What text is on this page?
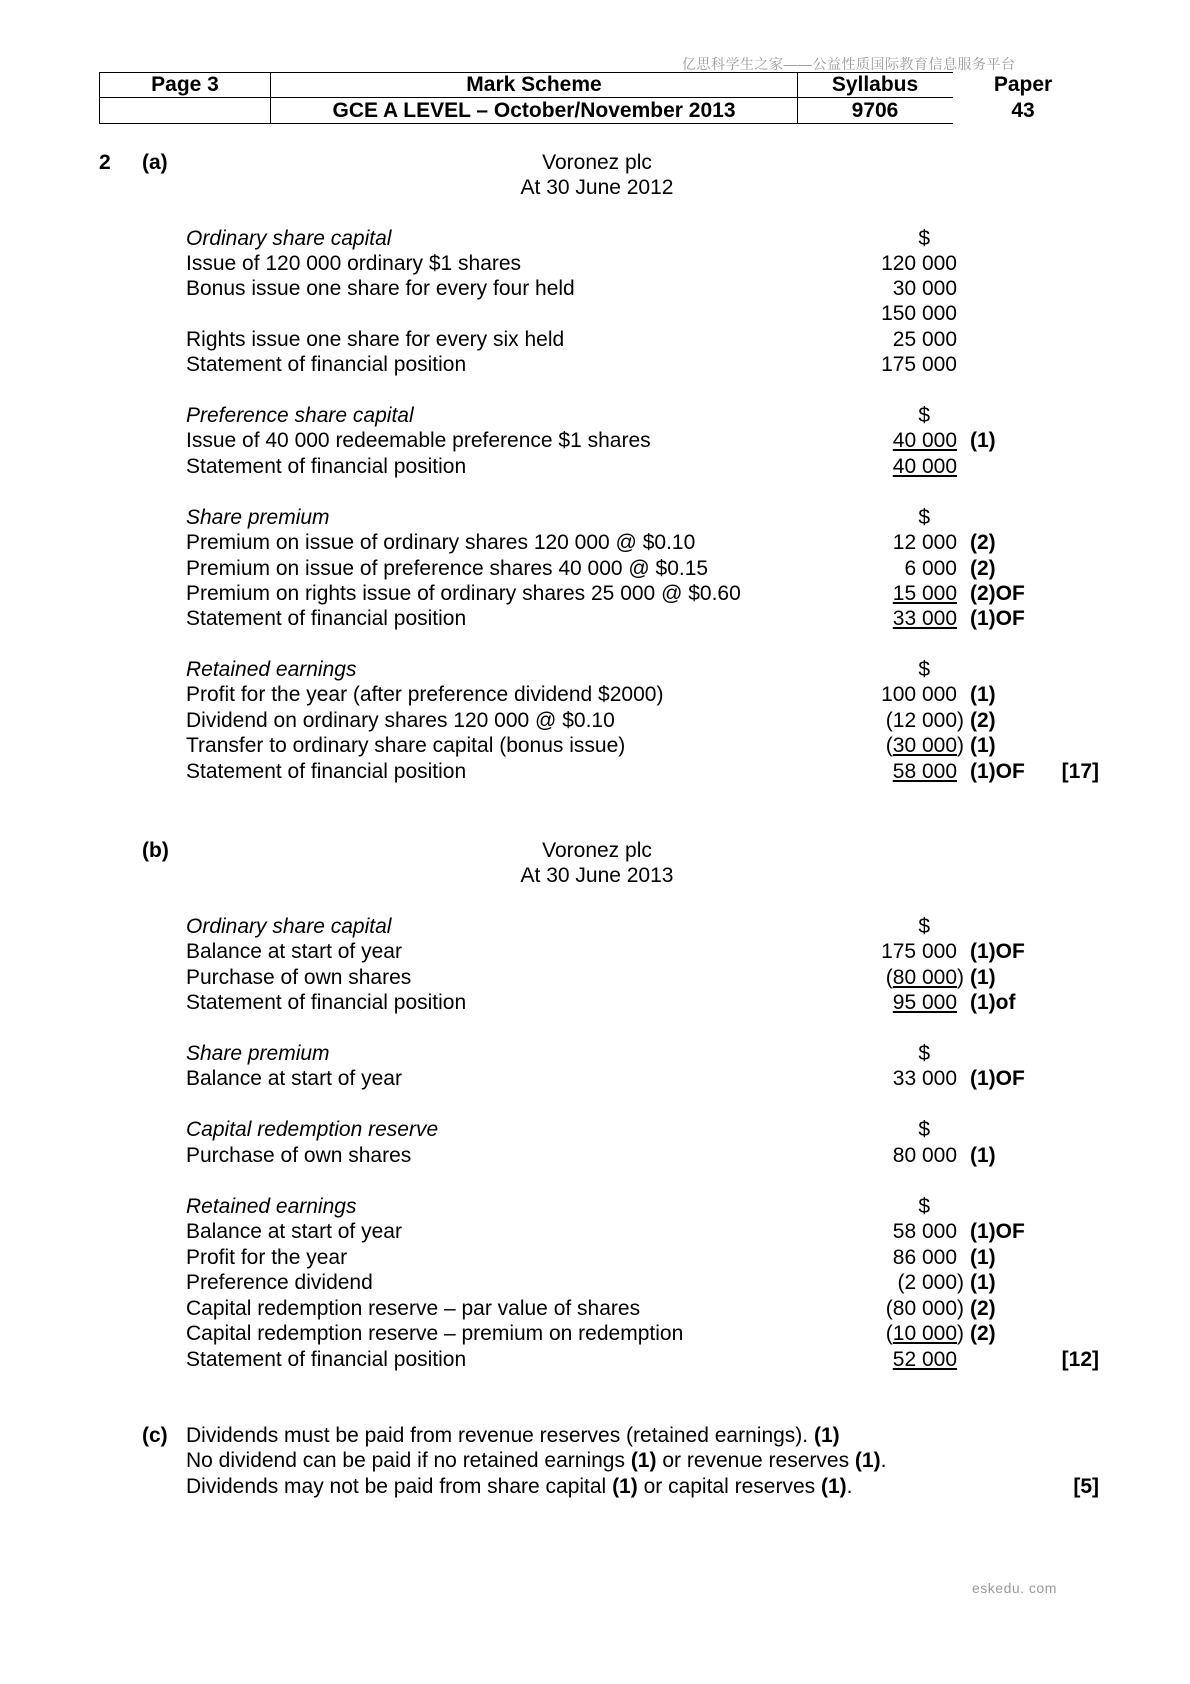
亿思科学生之家——公益性质国际教育信息服务平台
Page 3	Mark Scheme	Syllabus	Paper
GCE A LEVEL – October/November 2013	9706	43
2 (a)	Voronez plc
At 30 June 2012
Ordinary share capital	$
Issue of 120 000 ordinary $1 shares	120 000
Bonus issue one share for every four held	30 000
150 000
Rights issue one share for every six held	25 000
Statement of financial position	175 000
Preference share capital	$
Issue of 40 000 redeemable preference $1 shares	40 000 (1)
Statement of financial position	40 000
Share premium	$
Premium on issue of ordinary shares 120 000 @ $0.10	12 000 (2)
Premium on issue of preference shares 40 000 @ $0.15	6 000 (2)
Premium on rights issue of ordinary shares 25 000 @ $0.60	15 000 (2)OF
Statement of financial position	33 000 (1)OF
Retained earnings	$
Profit for the year (after preference dividend $2000)	100 000 (1)
Dividend on ordinary shares 120 000 @ $0.10	(12 000) (2)
Transfer to ordinary share capital (bonus issue)	(30 000) (1)
Statement of financial position	58 000 (1)OF	[17]
(b)	Voronez plc
At 30 June 2013
Ordinary share capital	$
Balance at start of year	175 000 (1)OF
Purchase of own shares	(80 000) (1)
Statement of financial position	95 000 (1)of
Share premium	$
Balance at start of year	33 000 (1)OF
Capital redemption reserve	$
Purchase of own shares	80 000 (1)
Retained earnings	$
Balance at start of year	58 000 (1)OF
Profit for the year	86 000 (1)
Preference dividend	(2 000) (1)
Capital redemption reserve – par value of shares	(80 000) (2)
Capital redemption reserve – premium on redemption	(10 000) (2)
Statement of financial position	52 000	[12]
(c) Dividends must be paid from revenue reserves (retained earnings). (1)
No dividend can be paid if no retained earnings (1) or revenue reserves (1).
Dividends may not be paid from share capital (1) or capital reserves (1).	[5]
eskedu. com
